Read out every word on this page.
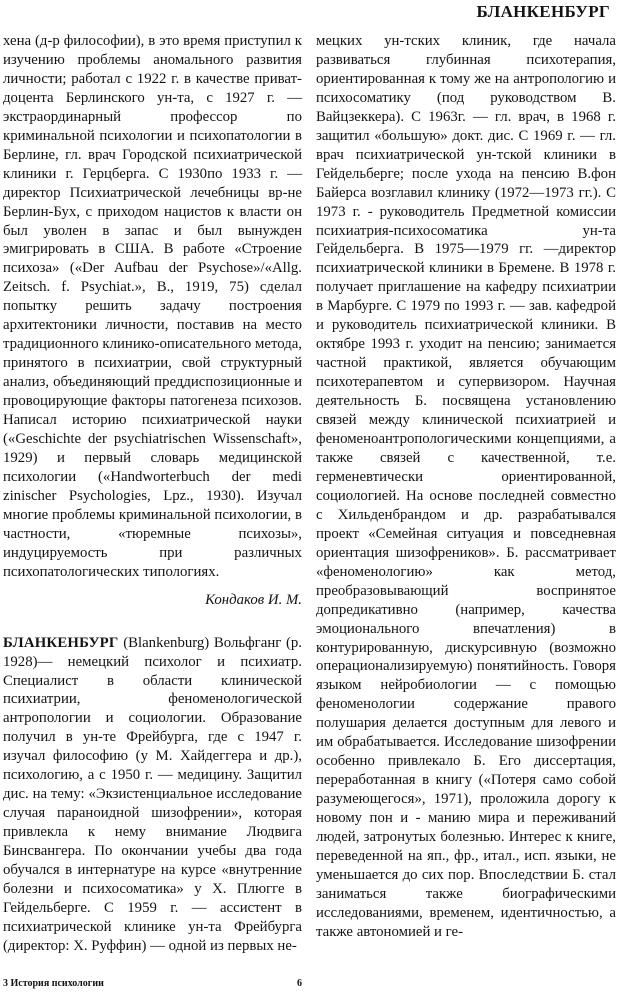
БЛАНКЕНБУРГ

хена (д-р философии), в это время приступил к изучению проблемы аномального развития личности; работал с 1922 г. в качестве приват-доцента Берлинского ун-та, с 1927 г. — экстраординарный профессор по криминальной психологии и психопатологии в Берлине, гл. врач Городской психиатрической клиники г. Герцберга. С 1930по 1933 г. —директор Психиатрической лечебницы вр-не Берлин-Бух, с приходом нацистов к власти он был уволен в запас и был вынужден эмигрировать в США. В работе «Строение психоза» («Der Aufbau der Psychose»/«Allg. Zeitsch. f. Psychiat.», В., 1919, 75) сделал попытку решить задачу построения архитектоники личности, поставив на место традиционного клинико-описательного метода, принятого в психиатрии, свой структурный анализ, объединяющий преддиспозиционные и провоцирующие факторы патогенеза психозов. Написал историю психиатрической науки («Geschichte der psychiatrischen Wissenschaft», 1929) и первый словарь медицинской психологии («Handworterbuch der medi zinischer Psychologies, Lpz., 1930). Изучал многие проблемы криминальной психологии, в частности, «тюремные психозы», индуцируемость при различных психопатологических типологиях.

Кондаков И. М.

БЛАНКЕНБУРГ (Blankenburg) Вольфганг (р. 1928)— немецкий психолог и психиатр. Специалист в области клинической психиатрии, феноменологической антропологии и социологии. Образование получил в ун-те Фрейбурга, где с 1947 г. изучал философию (у М. Хайдеггера и др.), психологию, а с 1950 г. — медицину. Защитил дис. на тему: «Экзистенциальное исследование случая параноидной шизофрении», которая привлекла к нему внимание Людвига Бинсвангера. По окончании учебы два года обучался в интернатуре на курсе «внутренние болезни и психосоматика» у X. Плюгге в Гейдельберге. С 1959 г. — ассистент в психиатрической клинике ун-та Фрейбурга (директор: X. Руффин) — одной из первых не-

мецких ун-тских клиник, где начала развиваться глубинная психотерапия, ориентированная к тому же на антропологию и психосоматику (под руководством В. Вайцзеккера). С 1963г. — гл. врач, в 1968 г. защитил «большую» докт. дис. С 1969 г. — гл. врач психиатрической ун-тской клиники в Гейдельберге; после ухода на пенсию В.фон Байерса возглавил клинику (1972—1973 гг.). С 1973 г. - руководитель Предметной комиссии психиатрия-психосоматика ун-та Гейдельберга. В 1975—1979 гг. —директор психиатрической клиники в Бремене. В 1978 г. получает приглашение на кафедру психиатрии в Марбурге. С 1979 по 1993 г. — зав. кафедрой и руководитель психиатрической клиники. В октябре 1993 г. уходит на пенсию; занимается частной практикой, является обучающим психотерапевтом и супервизором. Научная деятельность Б. посвящена установлению связей между клинической психиатрией и феноменоантропологическими концепциями, а также связей с качественной, т.е. герменевтически ориентированной, социологией. На основе последней совместно с Хильденбрандом и др. разрабатывался проект «Семейная ситуация и повседневная ориентация шизофреников». Б. рассматривает «феноменологию» как метод, преобразовывающий воспринятое допредикативно (например, качества эмоционального впечатления) в контурированную, дискурсивную (возможно операционализируемую) понятийность. Говоря языком нейробиологии — с помощью феноменологии содержание правого полушария делается доступным для левого и им обрабатывается. Исследование шизофрении особенно привлекало Б. Его диссертация, переработанная в книгу («Потеря само собой разумеющегося», 1971), проложила дорогу к новому пон и - манию мира и переживаний людей, затронутых болезнью. Интерес к книге, переведенной на яп., фр., итал., исп. языки, не уменьшается до сих пор. Впоследствии Б. стал заниматься также биографическими исследованиями, временем, идентичностью, а также автономией и ге-

3 История психологии	6
